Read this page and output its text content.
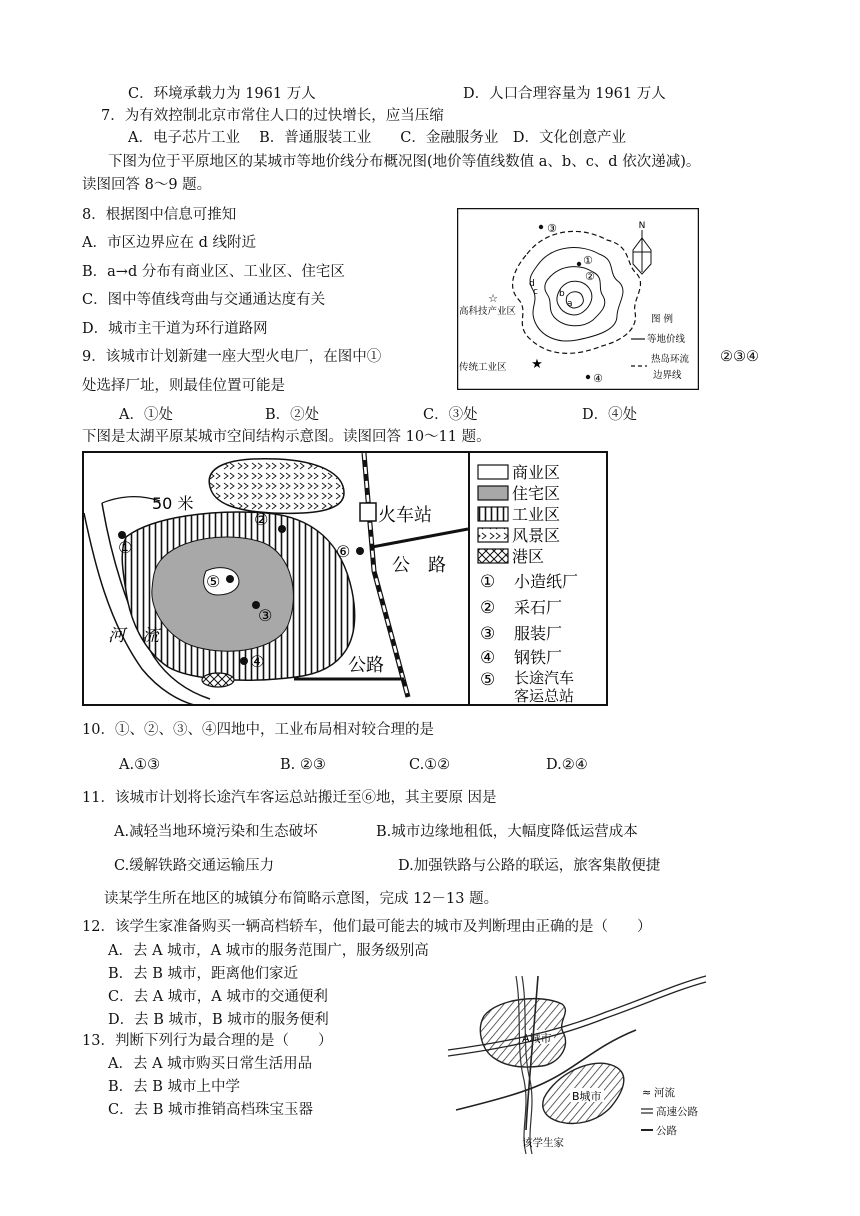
C．环境承载力为 1961 万人	D．人口合理容量为 1961 万人
7．为有效控制北京市常住人口的过快增长，应当压缩
A．电子芯片工业　 B．普通服装工业　　C．金融服务业　D．文化创意产业
下图为位于平原地区的某城市等地价线分布概况图(地价等值线数值 a、b、c、d 依次递减)。
读图回答 8～9 题。
8．根据图中信息可推知
A．市区边界应在 d 线附近
B．a→d 分布有商业区、工业区、住宅区
C．图中等值线弯曲与交通通达度有关
D．城市主干道为环行道路网
9．该城市计划新建一座大型火电厂，在图中①	②③④
处选择厂址，则最佳位置可能是
A．①处	B．②处	C．③处	D．④处
下图是太湖平原某城市空间结构示意图。读图回答 10～11 题。
10．①、②、③、④四地中，工业布局相对较合理的是
A.①③	B. ②③	C.①②	D.②④
11．该城市计划将长途汽车客运总站搬迁至⑥地，其主要原 因是
A.减轻当地环境污染和生态破坏	B.城市边缘地租低，大幅度降低运营成本
C.缓解铁路交通运输压力	D.加强铁路与公路的联运，旅客集散便捷
读某学生所在地区的城镇分布简略示意图，完成 12－13 题。
12．该学生家准备购买一辆高档轿车，他们最可能去的城市及判断理由正确的是（　　）
A．去 A 城市，A 城市的服务范围广，服务级别高
B．去 B 城市，距离他们家近
C．去 A 城市，A 城市的交通便利
D．去 B 城市，B 城市的服务便利
13．判断下列行为最合理的是（　　）
A．去 A 城市购买日常生活用品
B．去 B 城市上中学
C．去 B 城市推销高档珠宝玉器
a
b
c
d
③
①
②
④
☆
高科技产业区
传统工业区 ★
N
图 例
等地价线
热岛环流
边界线
50 米
火车站
公　路
公路
河　流
①
②
③
④
⑤
⑥
商业区
住宅区
工业区
风景区
港区
① 小造纸厂
② 采石厂
③ 服装厂
④ 钢铁厂
⑤ 长途汽车
客运总站
A城市
B城市
该学生家
≈ 河流
高速公路
公路
